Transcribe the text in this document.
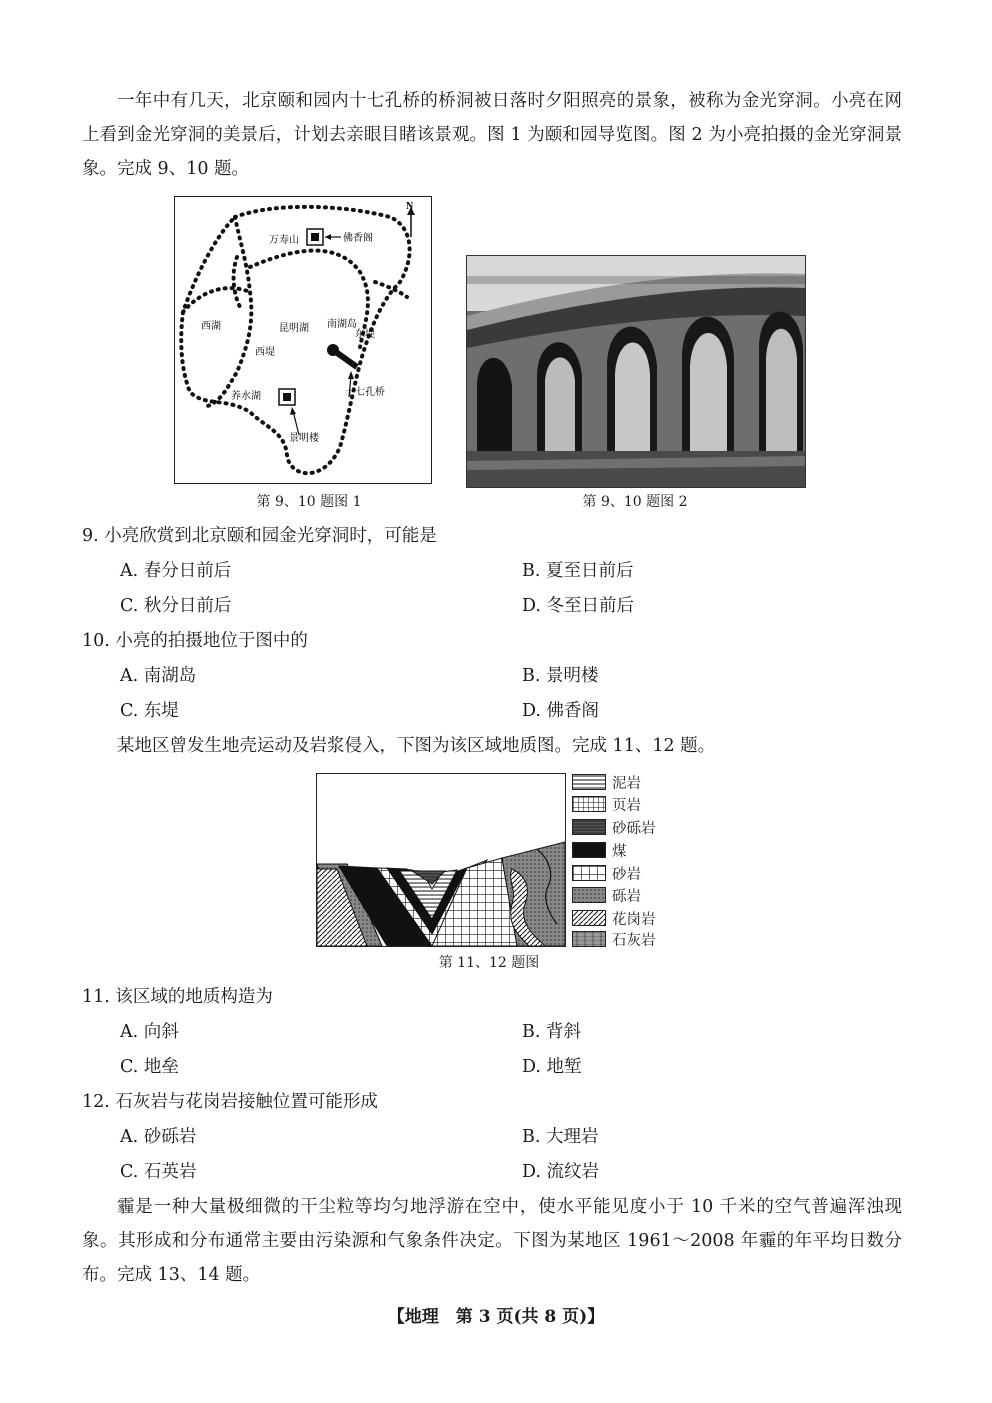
一年中有几天，北京颐和园内十七孔桥的桥洞被日落时夕阳照亮的景象，被称为金光穿洞。小亮在网上看到金光穿洞的美景后，计划去亲眼目睹该景观。图 1 为颐和园导览图。图 2 为小亮拍摄的金光穿洞景象。完成 9、10 题。

N
万寿山	佛香阁
西湖	昆明湖 南湖岛
东堤
西堤
养水湖	十七孔桥
景明楼
第 9、10 题图 1	第 9、10 题图 2

9. 小亮欣赏到北京颐和园金光穿洞时，可能是

A. 春分日前后	B. 夏至日前后

C. 秋分日前后	D. 冬至日前后

10. 小亮的拍摄地位于图中的

A. 南湖岛	B. 景明楼

C. 东堤	D. 佛香阁

某地区曾发生地壳运动及岩浆侵入，下图为该区域地质图。完成 11、12 题。

泥岩
页岩
砂砾岩
煤
砂岩
砾岩
花岗岩
石灰岩
第 11、12 题图

11. 该区域的地质构造为

A. 向斜	B. 背斜

C. 地垒	D. 地堑

12. 石灰岩与花岗岩接触位置可能形成

A. 砂砾岩	B. 大理岩

C. 石英岩	D. 流纹岩

霾是一种大量极细微的干尘粒等均匀地浮游在空中，使水平能见度小于 10 千米的空气普遍浑浊现象。其形成和分布通常主要由污染源和气象条件决定。下图为某地区 1961～2008 年霾的年平均日数分布。完成 13、14 题。

【地理　第 3 页(共 8 页)】
